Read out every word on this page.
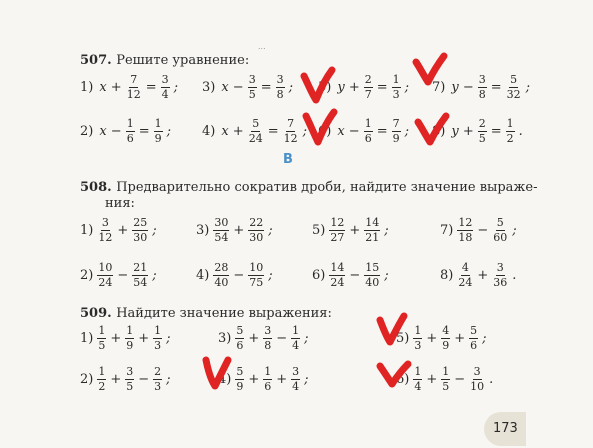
...
507. Решите уравнение:
1) $x + \frac{7}{12} = \frac{3}{4}$ ; 3) $x - \frac{3}{5} = \frac{3}{8}$ ; 5) $y + \frac{2}{7} = \frac{1}{3}$ ; 7) $y - \frac{3}{8} = \frac{5}{32}$ ;
2) $x - \frac{1}{6} = \frac{1}{9}$ ; 4) $x + \frac{5}{24} = \frac{7}{12}$ ; 6) $x - \frac{1}{6} = \frac{7}{9}$ ; 8) $y + \frac{2}{5} = \frac{1}{2}$ .
В
508. Предварительно сократив дроби, найдите значение выраже-
ния:
$1) \frac{3}{12} + \frac{25}{30}$ ;	$3) \frac{30}{54} + \frac{22}{30}$ ;	$5) \frac{12}{27} + \frac{14}{21}$ ;	$7) \frac{12}{18} - \frac{5}{60}$ ;
$2) \frac{10}{24} - \frac{21}{54}$ ;	$4) \frac{28}{40} - \frac{10}{75}$ ;	$6) \frac{14}{24} - \frac{15}{40}$ ;	$8) \frac{4}{24} + \frac{3}{36}$ .
509. Найдите значение выражения:
$1) \frac{1}{5} + \frac{1}{9} + \frac{1}{3}$ ;	$3) \frac{5}{6} + \frac{3}{8} - \frac{1}{4}$ ;	$5) \frac{1}{3} + \frac{4}{9} + \frac{5}{6}$ ;
$2) \frac{1}{2} + \frac{3}{5} - \frac{2}{3}$ ;	$4) \frac{5}{9} + \frac{1}{6} + \frac{3}{4}$ ;	$6) \frac{1}{4} + \frac{1}{5} - \frac{3}{10}$ .
173
